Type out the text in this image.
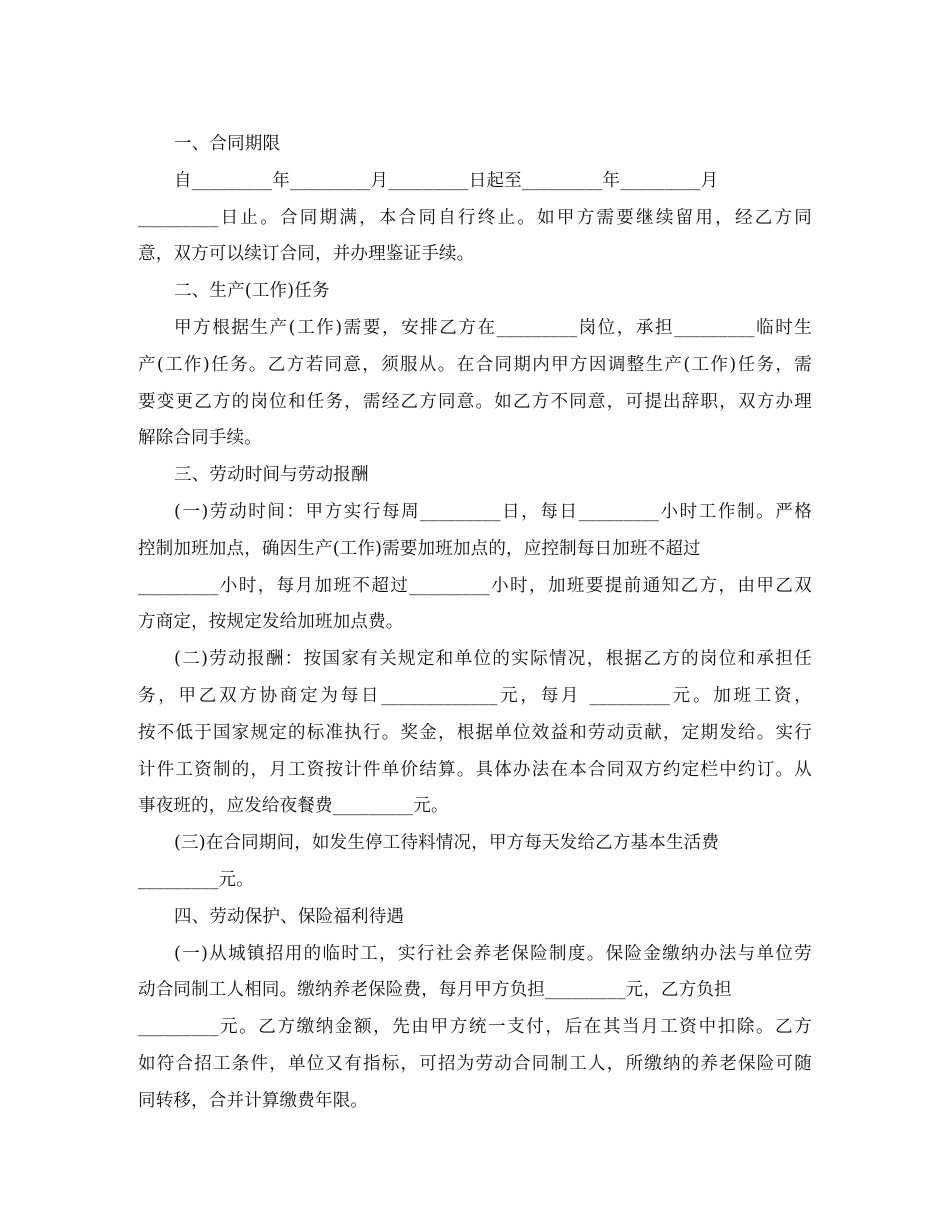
一、合同期限
自_________年_________月_________日起至_________年_________月
_________日止。合同期满，本合同自行终止。如甲方需要继续留用，经乙方同
意，双方可以续订合同，并办理鉴证手续。
二、生产(工作)任务
甲方根据生产(工作)需要，安排乙方在_________岗位，承担_________临时生
产(工作)任务。乙方若同意，须服从。在合同期内甲方因调整生产(工作)任务，需
要变更乙方的岗位和任务，需经乙方同意。如乙方不同意，可提出辞职，双方办理
解除合同手续。
三、劳动时间与劳动报酬
(一)劳动时间：甲方实行每周_________日，每日_________小时工作制。严格
控制加班加点，确因生产(工作)需要加班加点的，应控制每日加班不超过
_________小时，每月加班不超过_________小时，加班要提前通知乙方，由甲乙双
方商定，按规定发给加班加点费。
(二)劳动报酬：按国家有关规定和单位的实际情况，根据乙方的岗位和承担任
务，甲乙双方协商定为每日_____________元，每月 _________元。加班工资，
按不低于国家规定的标准执行。奖金，根据单位效益和劳动贡献，定期发给。实行
计件工资制的，月工资按计件单价结算。具体办法在本合同双方约定栏中约订。从
事夜班的，应发给夜餐费_________元。
(三)在合同期间，如发生停工待料情况，甲方每天发给乙方基本生活费
_________元。
四、劳动保护、保险福利待遇
(一)从城镇招用的临时工，实行社会养老保险制度。保险金缴纳办法与单位劳
动合同制工人相同。缴纳养老保险费，每月甲方负担_________元，乙方负担
_________元。乙方缴纳金额，先由甲方统一支付，后在其当月工资中扣除。乙方
如符合招工条件，单位又有指标，可招为劳动合同制工人，所缴纳的养老保险可随
同转移，合并计算缴费年限。
